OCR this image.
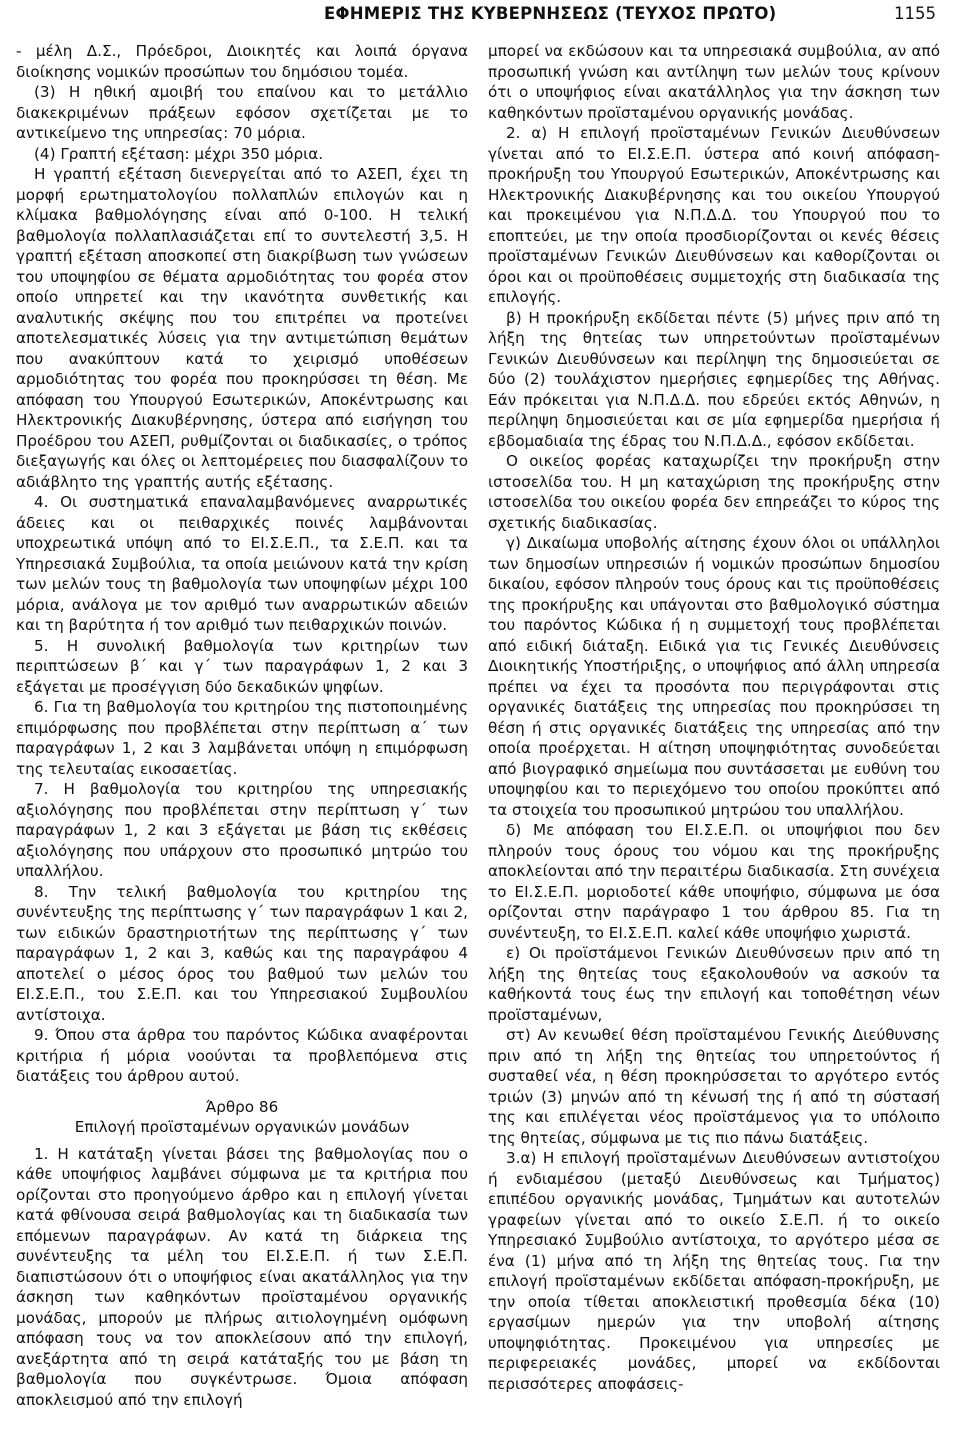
ΕΦΗΜΕΡΙΣ ΤΗΣ ΚΥΒΕΡΝΗΣΕΩΣ (ΤΕΥΧΟΣ ΠΡΩΤΟ)	1155

- μέλη Δ.Σ., Πρόεδροι, Διοικητές και λοιπά όργανα διοίκησης νομικών προσώπων του δημόσιου τομέα.

(3) Η ηθική αμοιβή του επαίνου και το μετάλλιο διακεκριμένων πράξεων εφόσον σχετίζεται με το αντικείμενο της υπηρεσίας: 70 μόρια.

(4) Γραπτή εξέταση: μέχρι 350 μόρια.

Η γραπτή εξέταση διενεργείται από το ΑΣΕΠ, έχει τη μορφή ερωτηματολογίου πολλαπλών επιλογών και η κλίμακα βαθμολόγησης είναι από 0-100. Η τελική βαθμολογία πολλαπλασιάζεται επί το συντελεστή 3,5. Η γραπτή εξέταση αποσκοπεί στη διακρίβωση των γνώσεων του υποψηφίου σε θέματα αρμοδιότητας του φορέα στον οποίο υπηρετεί και την ικανότητα συνθετικής και αναλυτικής σκέψης που του επιτρέπει να προτείνει αποτελεσματικές λύσεις για την αντιμετώπιση θεμάτων που ανακύπτουν κατά το χειρισμό υποθέσεων αρμοδιότητας του φορέα που προκηρύσσει τη θέση. Με απόφαση του Υπουργού Εσωτερικών, Αποκέντρωσης και Ηλεκτρονικής Διακυβέρνησης, ύστερα από εισήγηση του Προέδρου του ΑΣΕΠ, ρυθμίζονται οι διαδικασίες, ο τρόπος διεξαγωγής και όλες οι λεπτομέρειες που διασφαλίζουν το αδιάβλητο της γραπτής αυτής εξέτασης.

4. Οι συστηματικά επαναλαμβανόμενες αναρρωτικές άδειες και οι πειθαρχικές ποινές λαμβάνονται υποχρεωτικά υπόψη από το ΕΙ.Σ.Ε.Π., τα Σ.Ε.Π. και τα Υπηρεσιακά Συμβούλια, τα οποία μειώνουν κατά την κρίση των μελών τους τη βαθμολογία των υποψηφίων μέχρι 100 μόρια, ανάλογα με τον αριθμό των αναρρωτικών αδειών και τη βαρύτητα ή τον αριθμό των πειθαρχικών ποινών.

5. Η συνολική βαθμολογία των κριτηρίων των περιπτώσεων β΄ και γ΄ των παραγράφων 1, 2 και 3 εξάγεται με προσέγγιση δύο δεκαδικών ψηφίων.

6. Για τη βαθμολογία του κριτηρίου της πιστοποιημένης επιμόρφωσης που προβλέπεται στην περίπτωση α΄ των παραγράφων 1, 2 και 3 λαμβάνεται υπόψη η επιμόρφωση της τελευταίας εικοσαετίας.

7. Η βαθμολογία του κριτηρίου της υπηρεσιακής αξιολόγησης που προβλέπεται στην περίπτωση γ΄ των παραγράφων 1, 2 και 3 εξάγεται με βάση τις εκθέσεις αξιολόγησης που υπάρχουν στο προσωπικό μητρώο του υπαλλήλου.

8. Την τελική βαθμολογία του κριτηρίου της συνέντευξης της περίπτωσης γ΄ των παραγράφων 1 και 2, των ειδικών δραστηριοτήτων της περίπτωσης γ΄ των παραγράφων 1, 2 και 3, καθώς και της παραγράφου 4 αποτελεί ο μέσος όρος του βαθμού των μελών του ΕΙ.Σ.Ε.Π., του Σ.Ε.Π. και του Υπηρεσιακού Συμβουλίου αντίστοιχα.

9. Όπου στα άρθρα του παρόντος Κώδικα αναφέρονται κριτήρια ή μόρια νοούνται τα προβλεπόμενα στις διατάξεις του άρθρου αυτού.

Άρθρο 86

Επιλογή προϊσταμένων οργανικών μονάδων

1. Η κατάταξη γίνεται βάσει της βαθμολογίας που ο κάθε υποψήφιος λαμβάνει σύμφωνα με τα κριτήρια που ορίζονται στο προηγούμενο άρθρο και η επιλογή γίνεται κατά φθίνουσα σειρά βαθμολογίας και τη διαδικασία των επόμενων παραγράφων. Αν κατά τη διάρκεια της συνέντευξης τα μέλη του ΕΙ.Σ.Ε.Π. ή των Σ.Ε.Π. διαπιστώσουν ότι ο υποψήφιος είναι ακατάλληλος για την άσκηση των καθηκόντων προϊσταμένου οργανικής μονάδας, μπορούν με πλήρως αιτιολογημένη ομόφωνη απόφαση τους να τον αποκλείσουν από την επιλογή, ανεξάρτητα από τη σειρά κατάταξής του με βάση τη βαθμολογία που συγκέντρωσε. Όμοια απόφαση αποκλεισμού από την επιλογή

μπορεί να εκδώσουν και τα υπηρεσιακά συμβούλια, αν από προσωπική γνώση και αντίληψη των μελών τους κρίνουν ότι ο υποψήφιος είναι ακατάλληλος για την άσκηση των καθηκόντων προϊσταμένου οργανικής μονάδας.

2. α) Η επιλογή προϊσταμένων Γενικών Διευθύνσεων γίνεται από το ΕΙ.Σ.Ε.Π. ύστερα από κοινή απόφαση-προκήρυξη του Υπουργού Εσωτερικών, Αποκέντρωσης και Ηλεκτρονικής Διακυβέρνησης και του οικείου Υπουργού και προκειμένου για Ν.Π.Δ.Δ. του Υπουργού που το εποπτεύει, με την οποία προσδιορίζονται οι κενές θέσεις προϊσταμένων Γενικών Διευθύνσεων και καθορίζονται οι όροι και οι προϋποθέσεις συμμετοχής στη διαδικασία της επιλογής.

β) Η προκήρυξη εκδίδεται πέντε (5) μήνες πριν από τη λήξη της θητείας των υπηρετούντων προϊσταμένων Γενικών Διευθύνσεων και περίληψη της δημοσιεύεται σε δύο (2) τουλάχιστον ημερήσιες εφημερίδες της Αθήνας. Εάν πρόκειται για Ν.Π.Δ.Δ. που εδρεύει εκτός Αθηνών, η περίληψη δημοσιεύεται και σε μία εφημερίδα ημερήσια ή εβδομαδιαία της έδρας του Ν.Π.Δ.Δ., εφόσον εκδίδεται.

Ο οικείος φορέας καταχωρίζει την προκήρυξη στην ιστοσελίδα του. Η μη καταχώριση της προκήρυξης στην ιστοσελίδα του οικείου φορέα δεν επηρεάζει το κύρος της σχετικής διαδικασίας.

γ) Δικαίωμα υποβολής αίτησης έχουν όλοι οι υπάλληλοι των δημοσίων υπηρεσιών ή νομικών προσώπων δημοσίου δικαίου, εφόσον πληρούν τους όρους και τις προϋποθέσεις της προκήρυξης και υπάγονται στο βαθμολογικό σύστημα του παρόντος Κώδικα ή η συμμετοχή τους προβλέπεται από ειδική διάταξη. Ειδικά για τις Γενικές Διευθύνσεις Διοικητικής Υποστήριξης, ο υποψήφιος από άλλη υπηρεσία πρέπει να έχει τα προσόντα που περιγράφονται στις οργανικές διατάξεις της υπηρεσίας που προκηρύσσει τη θέση ή στις οργανικές διατάξεις της υπηρεσίας από την οποία προέρχεται. Η αίτηση υποψηφιότητας συνοδεύεται από βιογραφικό σημείωμα που συντάσσεται με ευθύνη του υποψηφίου και το περιεχόμενο του οποίου προκύπτει από τα στοιχεία του προσωπικού μητρώου του υπαλλήλου.

δ) Με απόφαση του ΕΙ.Σ.Ε.Π. οι υποψήφιοι που δεν πληρούν τους όρους του νόμου και της προκήρυξης αποκλείονται από την περαιτέρω διαδικασία. Στη συνέχεια το ΕΙ.Σ.Ε.Π. μοριοδοτεί κάθε υποψήφιο, σύμφωνα με όσα ορίζονται στην παράγραφο 1 του άρθρου 85. Για τη συνέντευξη, το ΕΙ.Σ.Ε.Π. καλεί κάθε υποψήφιο χωριστά.

ε) Οι προϊστάμενοι Γενικών Διευθύνσεων πριν από τη λήξη της θητείας τους εξακολουθούν να ασκούν τα καθήκοντά τους έως την επιλογή και τοποθέτηση νέων προϊσταμένων,

στ) Αν κενωθεί θέση προϊσταμένου Γενικής Διεύθυνσης πριν από τη λήξη της θητείας του υπηρετούντος ή συσταθεί νέα, η θέση προκηρύσσεται το αργότερο εντός τριών (3) μηνών από τη κένωσή της ή από τη σύστασή της και επιλέγεται νέος προϊστάμενος για το υπόλοιπο της θητείας, σύμφωνα με τις πιο πάνω διατάξεις.

3.α) Η επιλογή προϊσταμένων Διευθύνσεων αντιστοίχου ή ενδιαμέσου (μεταξύ Διευθύνσεως και Τμήματος) επιπέδου οργανικής μονάδας, Τμημάτων και αυτοτελών γραφείων γίνεται από το οικείο Σ.Ε.Π. ή το οικείο Υπηρεσιακό Συμβούλιο αντίστοιχα, το αργότερο μέσα σε ένα (1) μήνα από τη λήξη της θητείας τους. Για την επιλογή προϊσταμένων εκδίδεται απόφαση-προκήρυξη, με την οποία τίθεται αποκλειστική προθεσμία δέκα (10) εργασίμων ημερών για την υποβολή αίτησης υποψηφιότητας. Προκειμένου για υπηρεσίες με περιφερειακές μονάδες, μπορεί να εκδίδονται περισσότερες αποφάσεις-
